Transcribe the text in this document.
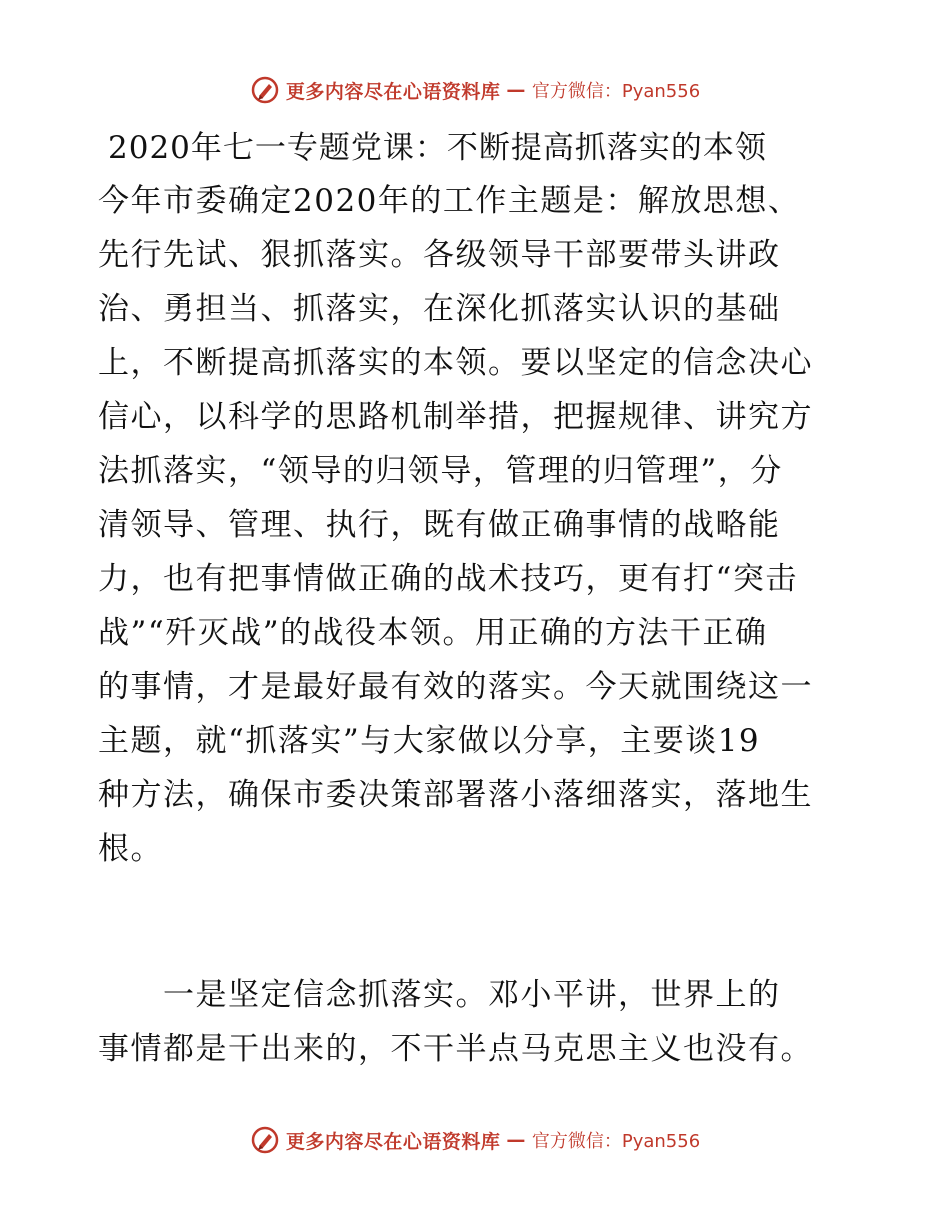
更多内容尽在心语资料库 — 官方微信：Pyan556
2020年七一专题党课：不断提高抓落实的本领
今年市委确定2020年的工作主题是：解放思想、
先行先试、狠抓落实。各级领导干部要带头讲政
治、勇担当、抓落实，在深化抓落实认识的基础
上，不断提高抓落实的本领。要以坚定的信念决心
信心，以科学的思路机制举措，把握规律、讲究方
法抓落实，“领导的归领导，管理的归管理”，分
清领导、管理、执行，既有做正确事情的战略能
力，也有把事情做正确的战术技巧，更有打“突击
战”“歼灭战”的战役本领。用正确的方法干正确
的事情，才是最好最有效的落实。今天就围绕这一
主题，就“抓落实”与大家做以分享，主要谈19
种方法，确保市委决策部署落小落细落实，落地生
根。
　　一是坚定信念抓落实。邓小平讲，世界上的
事情都是干出来的，不干半点马克思主义也没有。
更多内容尽在心语资料库 — 官方微信：Pyan556
